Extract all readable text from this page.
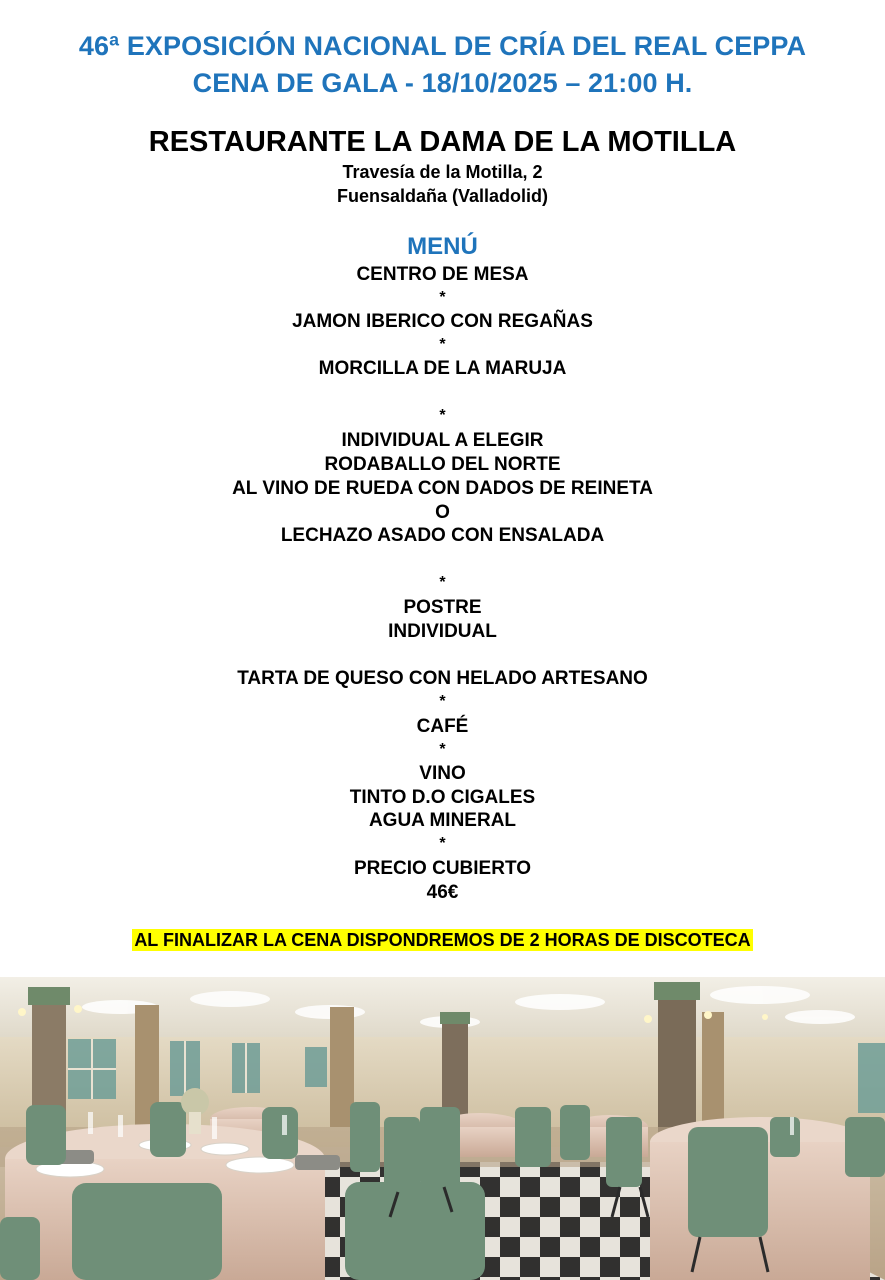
46ª EXPOSICIÓN NACIONAL DE CRÍA DEL REAL CEPPA
CENA DE GALA - 18/10/2025 – 21:00 H.
RESTAURANTE LA DAMA DE LA MOTILLA
Travesía de la Motilla, 2
Fuensaldaña (Valladolid)
MENÚ
CENTRO DE MESA
*
JAMON IBERICO CON REGAÑAS
*
MORCILLA DE LA MARUJA
*
INDIVIDUAL A ELEGIR
RODABALLO DEL NORTE
AL VINO DE RUEDA CON DADOS DE REINETA
O
LECHAZO ASADO CON ENSALADA
*
POSTRE
INDIVIDUAL
TARTA DE QUESO CON HELADO ARTESANO
*
CAFÉ
*
VINO
TINTO D.O CIGALES
AGUA MINERAL
*
PRECIO CUBIERTO
46€
AL FINALIZAR LA CENA DISPONDREMOS DE 2 HORAS DE DISCOTECA
